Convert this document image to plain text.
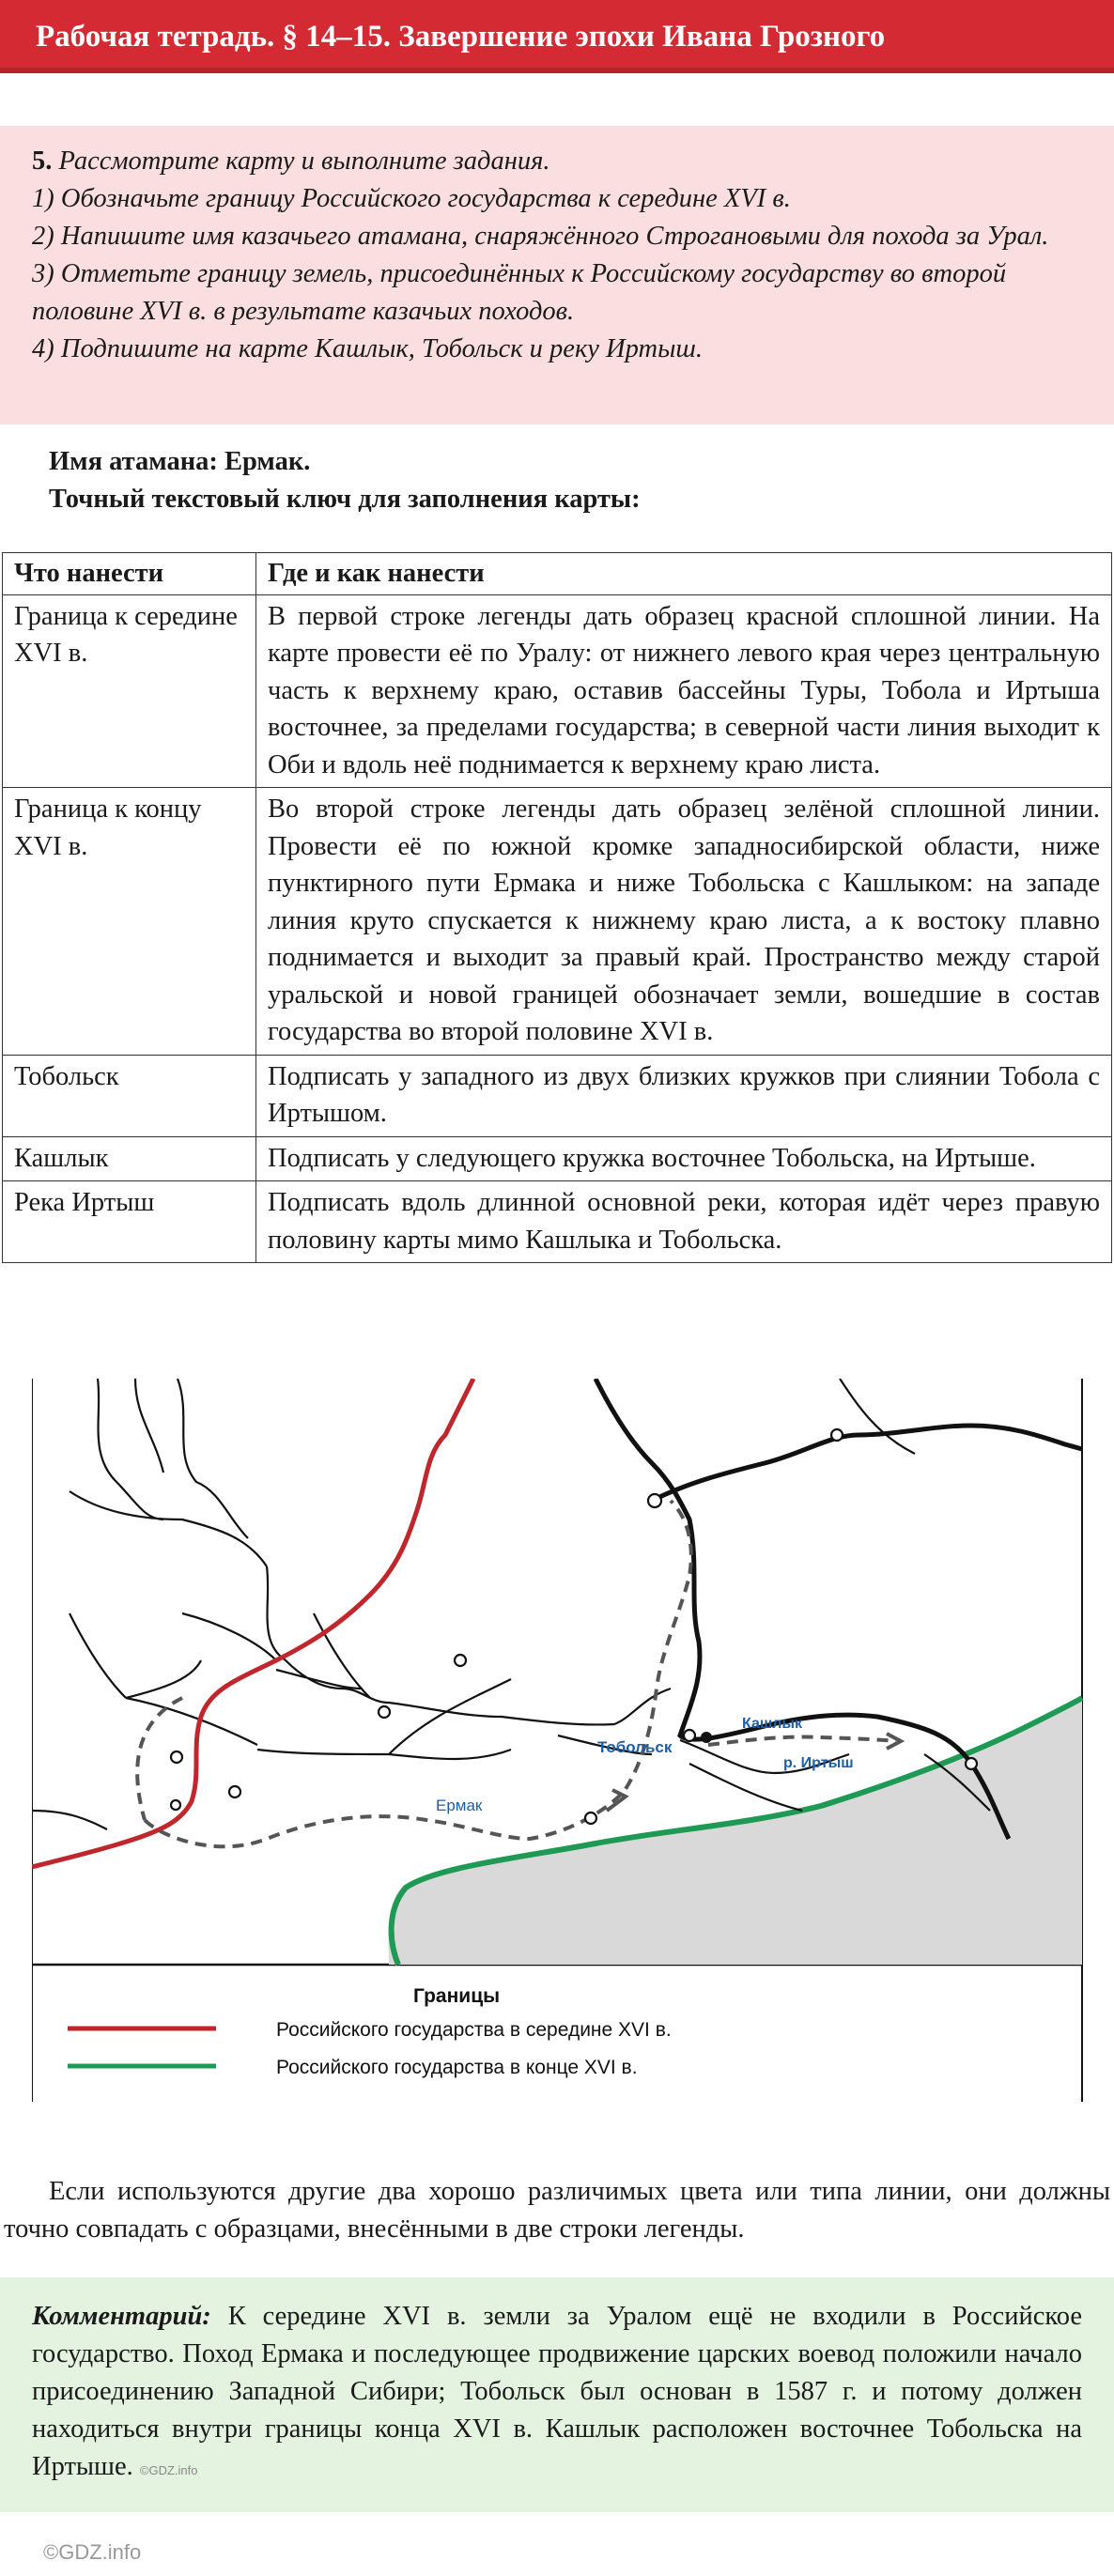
Рабочая тетрадь. § 14–15. Завершение эпохи Ивана Грозного

5. Рассмотрите карту и выполните задания.

1) Обозначьте границу Российского государства к середине XVI в.

2) Напишите имя казачьего атамана, снаряжённого Строгановыми для похода за Урал.

3) Отметьте границу земель, присоединённых к Российскому государству во второй половине XVI в. в результате казачьих походов.

4) Подпишите на карте Кашлык, Тобольск и реку Иртыш.

Имя атамана: Ермак.

Точный текстовый ключ для заполнения карты:

Что нанести	Где и как нанести
Граница к середине XVI в.	В первой строке легенды дать образец красной сплошной линии. На карте провести её по Уралу: от нижнего левого края через центральную часть к верхнему краю, оставив бассейны Туры, Тобола и Иртыша восточнее, за пределами государства; в северной части линия выходит к Оби и вдоль неё поднимается к верхнему краю листа.
Граница к концу XVI в.	Во второй строке легенды дать образец зелёной сплошной линии. Провести её по южной кромке западносибирской области, ниже пунктирного пути Ермака и ниже Тобольска с Кашлыком: на западе линия круто спускается к нижнему краю листа, а к востоку плавно поднимается и выходит за правый край. Пространство между старой уральской и новой границей обозначает земли, вошедшие в состав государства во второй половине XVI в.
Тобольск	Подписать у западного из двух близких кружков при слиянии Тобола с Иртышом.
Кашлык	Подписать у следующего кружка восточнее Тобольска, на Иртыше.
Река Иртыш	Подписать вдоль длинной основной реки, которая идёт через правую половину карты мимо Кашлыка и Тобольска.
Ермак
Тобольск
Кашлык
р. Иртыш
Границы
Российского государства в середине XVI в.
Российского государства в конце XVI в.
Если используются другие два хорошо различимых цвета или типа линии, они должны точно совпадать с образцами, внесёнными в две строки легенды.
Комментарий: К середине XVI в. земли за Уралом ещё не входили в Российское государство. Поход Ермака и последующее продвижение царских воевод положили начало присоединению Западной Сибири; Тобольск был основан в 1587 г. и потому должен находиться внутри границы конца XVI в. Кашлык расположен восточнее Тобольска на Иртыше. ©GDZ.info
©GDZ.info
